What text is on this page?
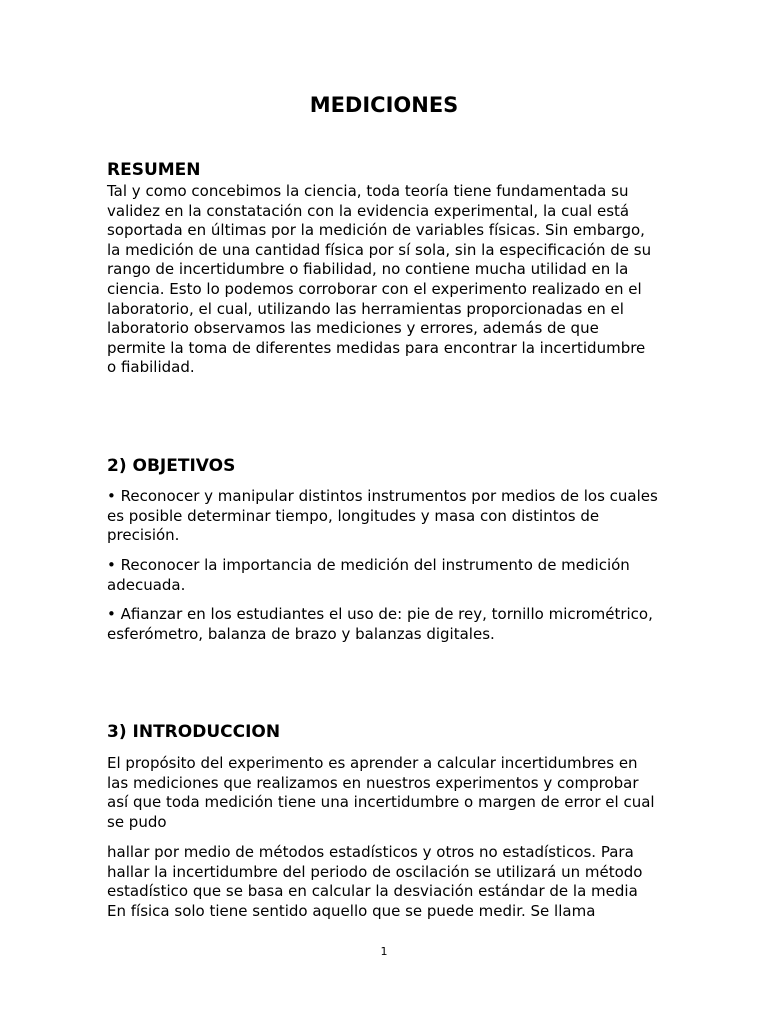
MEDICIONES
RESUMEN

Tal y como concebimos la ciencia, toda teoría tiene fundamentada su
validez en la constatación con la evidencia experimental, la cual está
soportada en últimas por la medición de variables físicas. Sin embargo,
la medición de una cantidad física por sí sola, sin la especificación de su
rango de incertidumbre o fiabilidad, no contiene mucha utilidad en la
ciencia. Esto lo podemos corroborar con el experimento realizado en el
laboratorio, el cual, utilizando las herramientas proporcionadas en el
laboratorio observamos las mediciones y errores, además de que
permite la toma de diferentes medidas para encontrar la incertidumbre
o fiabilidad.

2) OBJETIVOS
• Reconocer y manipular distintos instrumentos por medios de los cuales
es posible determinar tiempo, longitudes y masa con distintos de
precisión.
• Reconocer la importancia de medición del instrumento de medición
adecuada.
• Afianzar en los estudiantes el uso de: pie de rey, tornillo micrométrico,
esferómetro, balanza de brazo y balanzas digitales.
3) INTRODUCCION

El propósito del experimento es aprender a calcular incertidumbres en
las mediciones que realizamos en nuestros experimentos y comprobar
así que toda medición tiene una incertidumbre o margen de error el cual
se pudo

hallar por medio de métodos estadísticos y otros no estadísticos. Para
hallar la incertidumbre del periodo de oscilación se utilizará un método
estadístico que se basa en calcular la desviación estándar de la media
En física solo tiene sentido aquello que se puede medir. Se llama

1
